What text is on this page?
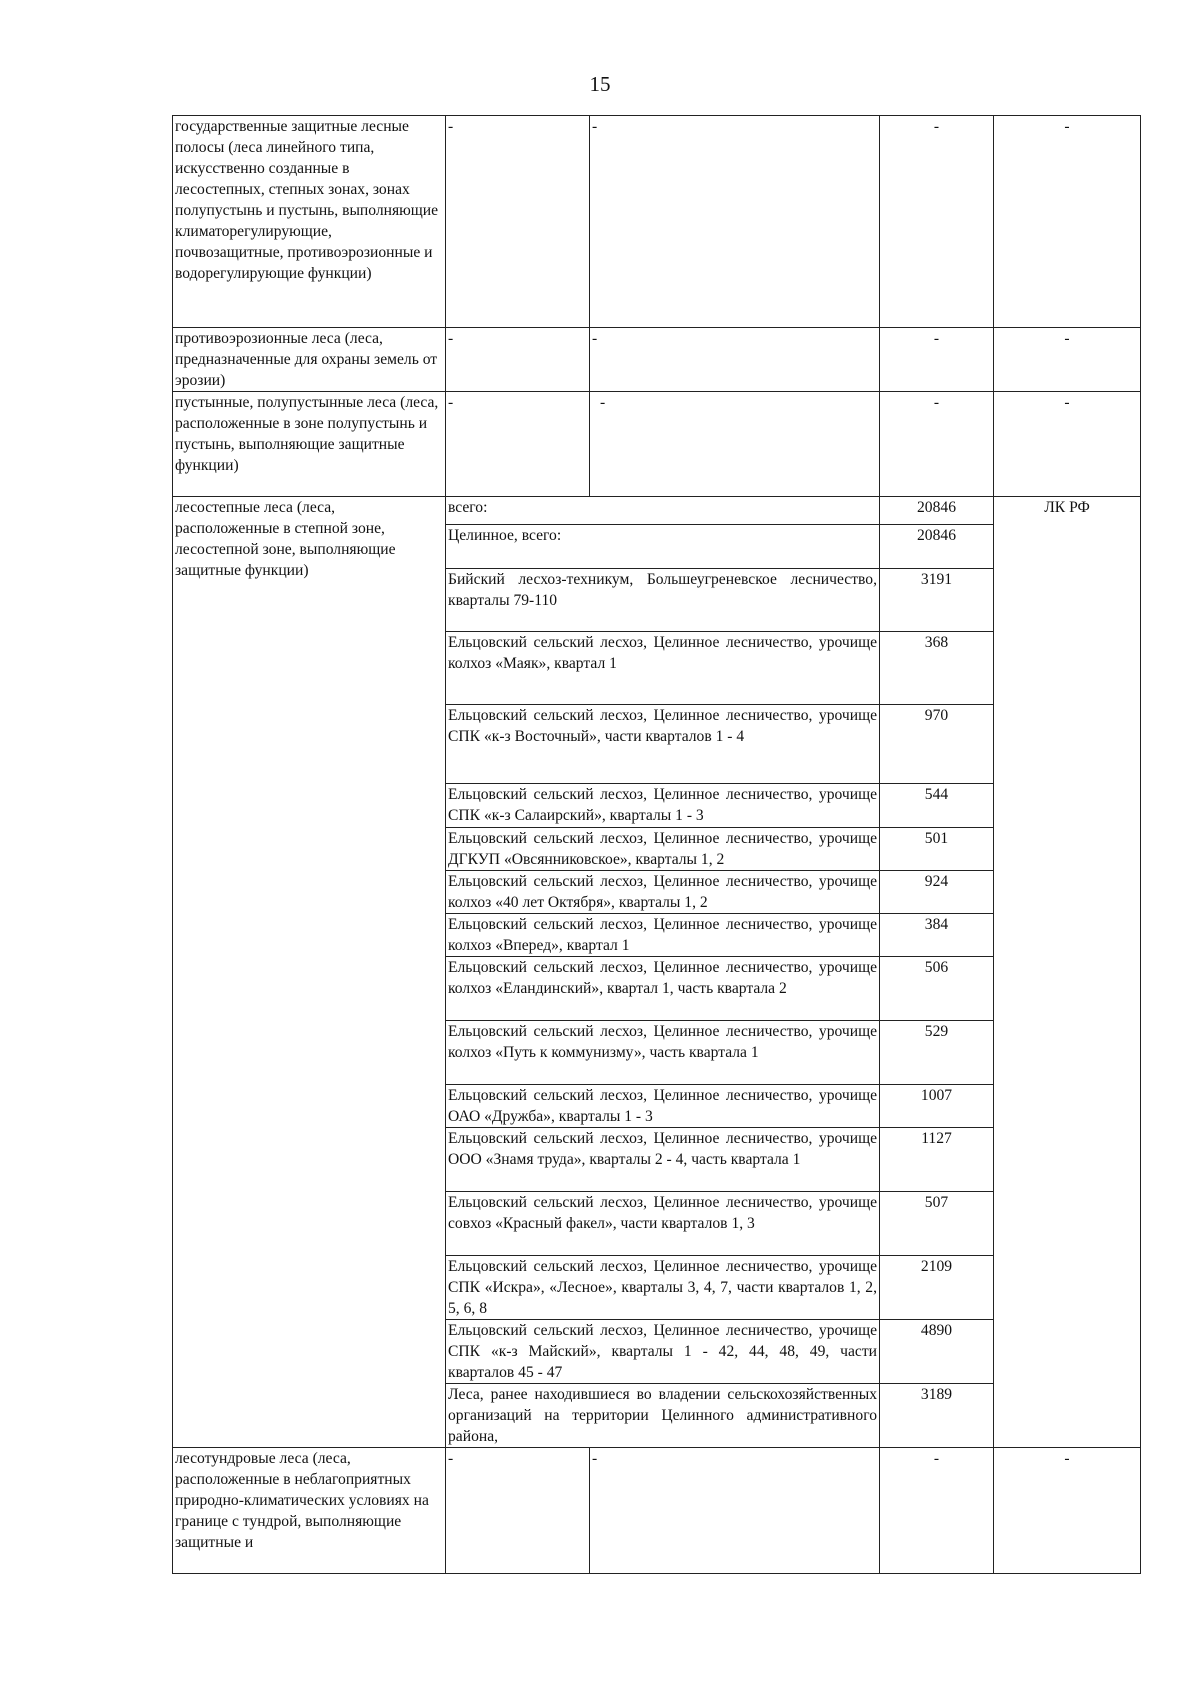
15
государственные защитные лесные полосы (леса линейного типа, искусственно созданные в лесостепных, степных зонах, зонах полупустынь и пустынь, выполняющие климаторегулирующие, почвозащитные, противоэрозионные и водорегулирующие функции)	-	-	-	-
противоэрозионные леса (леса, предназначенные для охраны земель от эрозии)	-	-	-	-
пустынные, полупустынные леса (леса, расположенные в зоне полупустынь и пустынь, выполняющие защитные функции)	-	-	-	-
лесостепные леса (леса, расположенные в степной зоне, лесостепной зоне, выполняющие защитные функции)	всего:		20846	ЛК РФ
	Целинное, всего:		20846	
	Бийский лесхоз-техникум, Большеугреневское лесничество, кварталы 79-110		3191	
	Ельцовский сельский лесхоз, Целинное лесничество, урочище колхоз «Маяк», квартал 1		368	
	Ельцовский сельский лесхоз, Целинное лесничество, урочище СПК «к-з Восточный», части кварталов 1 - 4		970	
	Ельцовский сельский лесхоз, Целинное лесничество, урочище СПК «к-з Салаирский», кварталы 1 - 3		544	
	Ельцовский сельский лесхоз, Целинное лесничество, урочище ДГКУП «Овсянниковское», кварталы 1, 2		501	
	Ельцовский сельский лесхоз, Целинное лесничество, урочище колхоз «40 лет Октября», кварталы 1, 2		924	
	Ельцовский сельский лесхоз, Целинное лесничество, урочище колхоз «Вперед», квартал 1		384	
	Ельцовский сельский лесхоз, Целинное лесничество, урочище колхоз «Еландинский», квартал 1, часть квартала 2		506	
	Ельцовский сельский лесхоз, Целинное лесничество, урочище колхоз «Путь к коммунизму», часть квартала 1		529	
	Ельцовский сельский лесхоз, Целинное лесничество, урочище ОАО «Дружба», кварталы 1 - 3		1007	
	Ельцовский сельский лесхоз, Целинное лесничество, урочище ООО «Знамя труда», кварталы 2 - 4, часть квартала 1		1127	
	Ельцовский сельский лесхоз, Целинное лесничество, урочище совхоз «Красный факел», части кварталов 1, 3		507	
	Ельцовский сельский лесхоз, Целинное лесничество, урочище СПК «Искра», «Лесное», кварталы 3, 4, 7, части кварталов 1, 2, 5, 6, 8		2109	
	Ельцовский сельский лесхоз, Целинное лесничество, урочище СПК «к-з Майский», кварталы 1 - 42, 44, 48, 49, части кварталов 45 - 47		4890	
	Леса, ранее находившиеся во владении сельскохозяйственных организаций на территории Целинного административного района,		3189	
лесотундровые леса (леса, расположенные в неблагоприятных природно-климатических условиях на границе с тундрой, выполняющие защитные и	-	-	-	-
